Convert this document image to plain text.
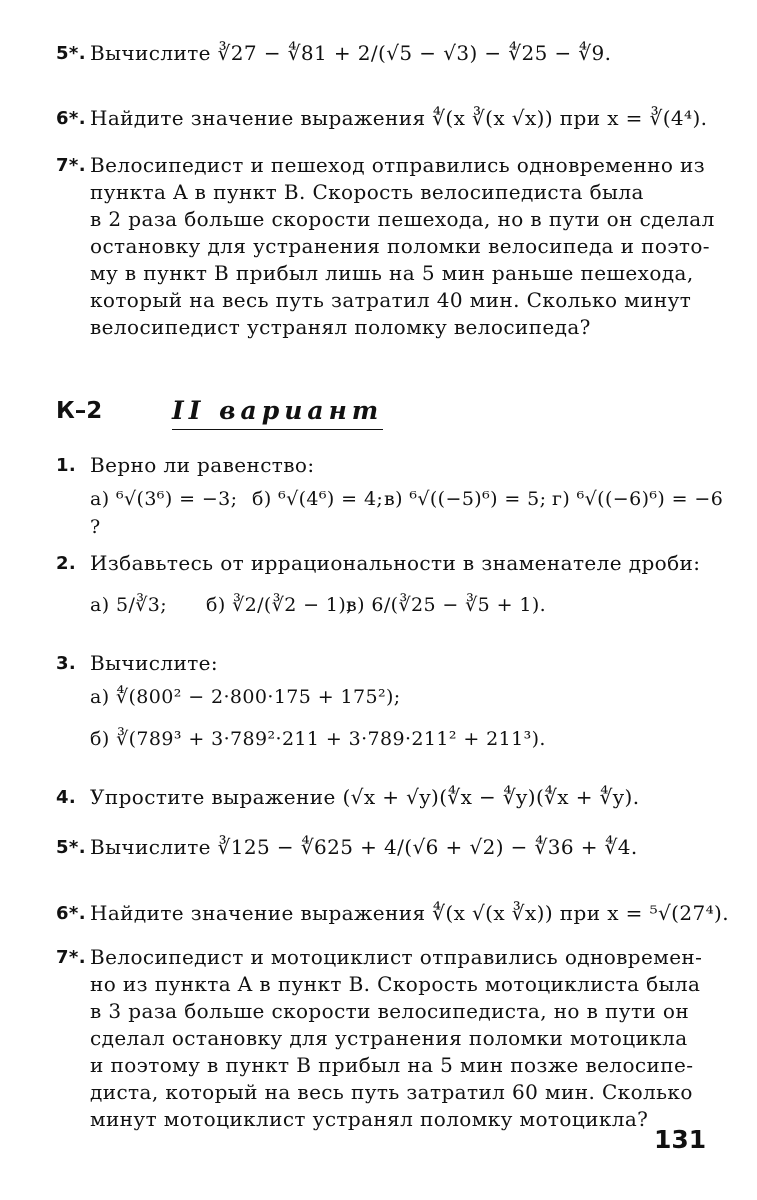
5*. Вычислите ∛27 − ∜81 + 2/(√5 − √3) − ∜25 − ∜9.

6*. Найдите значение выражения ∜(x ∛(x √x)) при x = ∛(4⁴).

7*. Велосипедист и пешеход отправились одновременно из

пункта A в пункт B. Скорость велосипедиста была

в 2 раза больше скорости пешехода, но в пути он сделал

остановку для устранения поломки велосипеда и поэто-

му в пункт B прибыл лишь на 5 мин раньше пешехода,

который на весь путь затратил 40 мин. Сколько минут

велосипедист устранял поломку велосипеда?

К–2	II вариант
1. Верно ли равенство:

а) ⁶√(3⁶) = −3; б) ⁶√(4⁶) = 4; в) ⁶√((−5)⁶) = 5; г) ⁶√((−6)⁶) = −6
?
2. Избавьтесь от иррациональности в знаменателе дроби:

а) 5/∛3; б) ∛2/(∛2 − 1);
в) 6/(∛25 − ∛5 + 1).
3. Вычислите:

а) ∜(800² − 2·800·175 + 175²);
б) ∛(789³ + 3·789²·211 + 3·789·211² + 211³).
4. Упростите выражение (√x + √y)(∜x − ∜y)(∜x + ∜y).

5*. Вычислите ∛125 − ∜625 + 4/(√6 + √2) − ∜36 + ∜4.

6*. Найдите значение выражения ∜(x √(x ∛x)) при x = ⁵√(27⁴).

7*. Велосипедист и мотоциклист отправились одновремен-

но из пункта A в пункт B. Скорость мотоциклиста была

в 3 раза больше скорости велосипедиста, но в пути он

сделал остановку для устранения поломки мотоцикла

и поэтому в пункт B прибыл на 5 мин позже велосипе-

диста, который на весь путь затратил 60 мин. Сколько

минут мотоциклист устранял поломку мотоцикла?

131
